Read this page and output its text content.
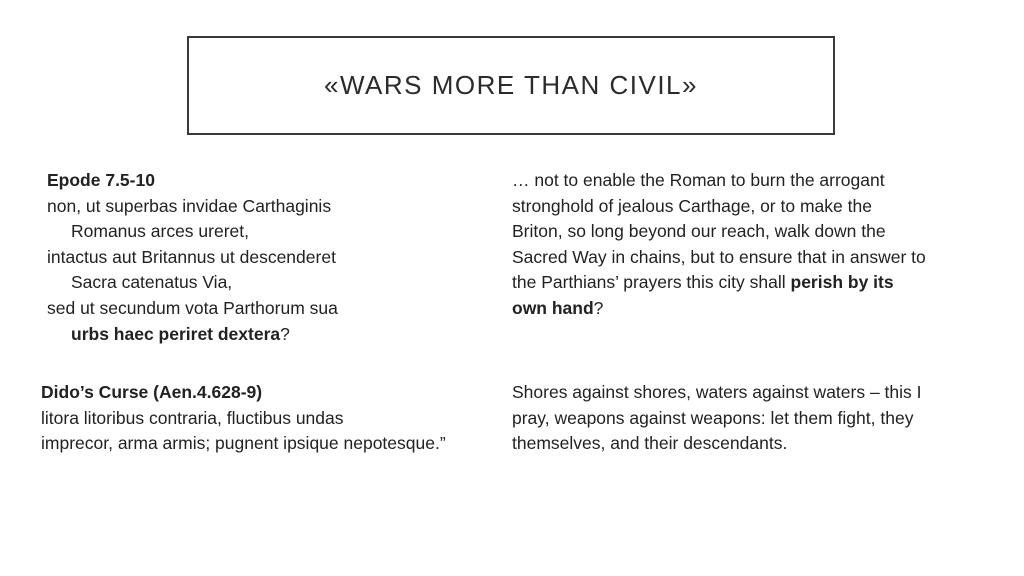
«WARS MORE THAN CIVIL»
Epode 7.5-10
non, ut superbas invidae Carthaginis
Romanus arces ureret,
intactus aut Britannus ut descenderet
Sacra catenatus Via,
sed ut secundum vota Parthorum sua
urbs haec periret dextera?
… not to enable the Roman to burn the arrogant
stronghold of jealous Carthage, or to make the
Briton, so long beyond our reach, walk down the
Sacred Way in chains, but to ensure that in answer to
the Parthians’ prayers this city shall perish by its
own hand?
Dido’s Curse (Aen.4.628-9)
litora litoribus contraria, fluctibus undas
imprecor, arma armis; pugnent ipsique nepotesque.”
Shores against shores, waters against waters – this I
pray, weapons against weapons: let them fight, they
themselves, and their descendants.
